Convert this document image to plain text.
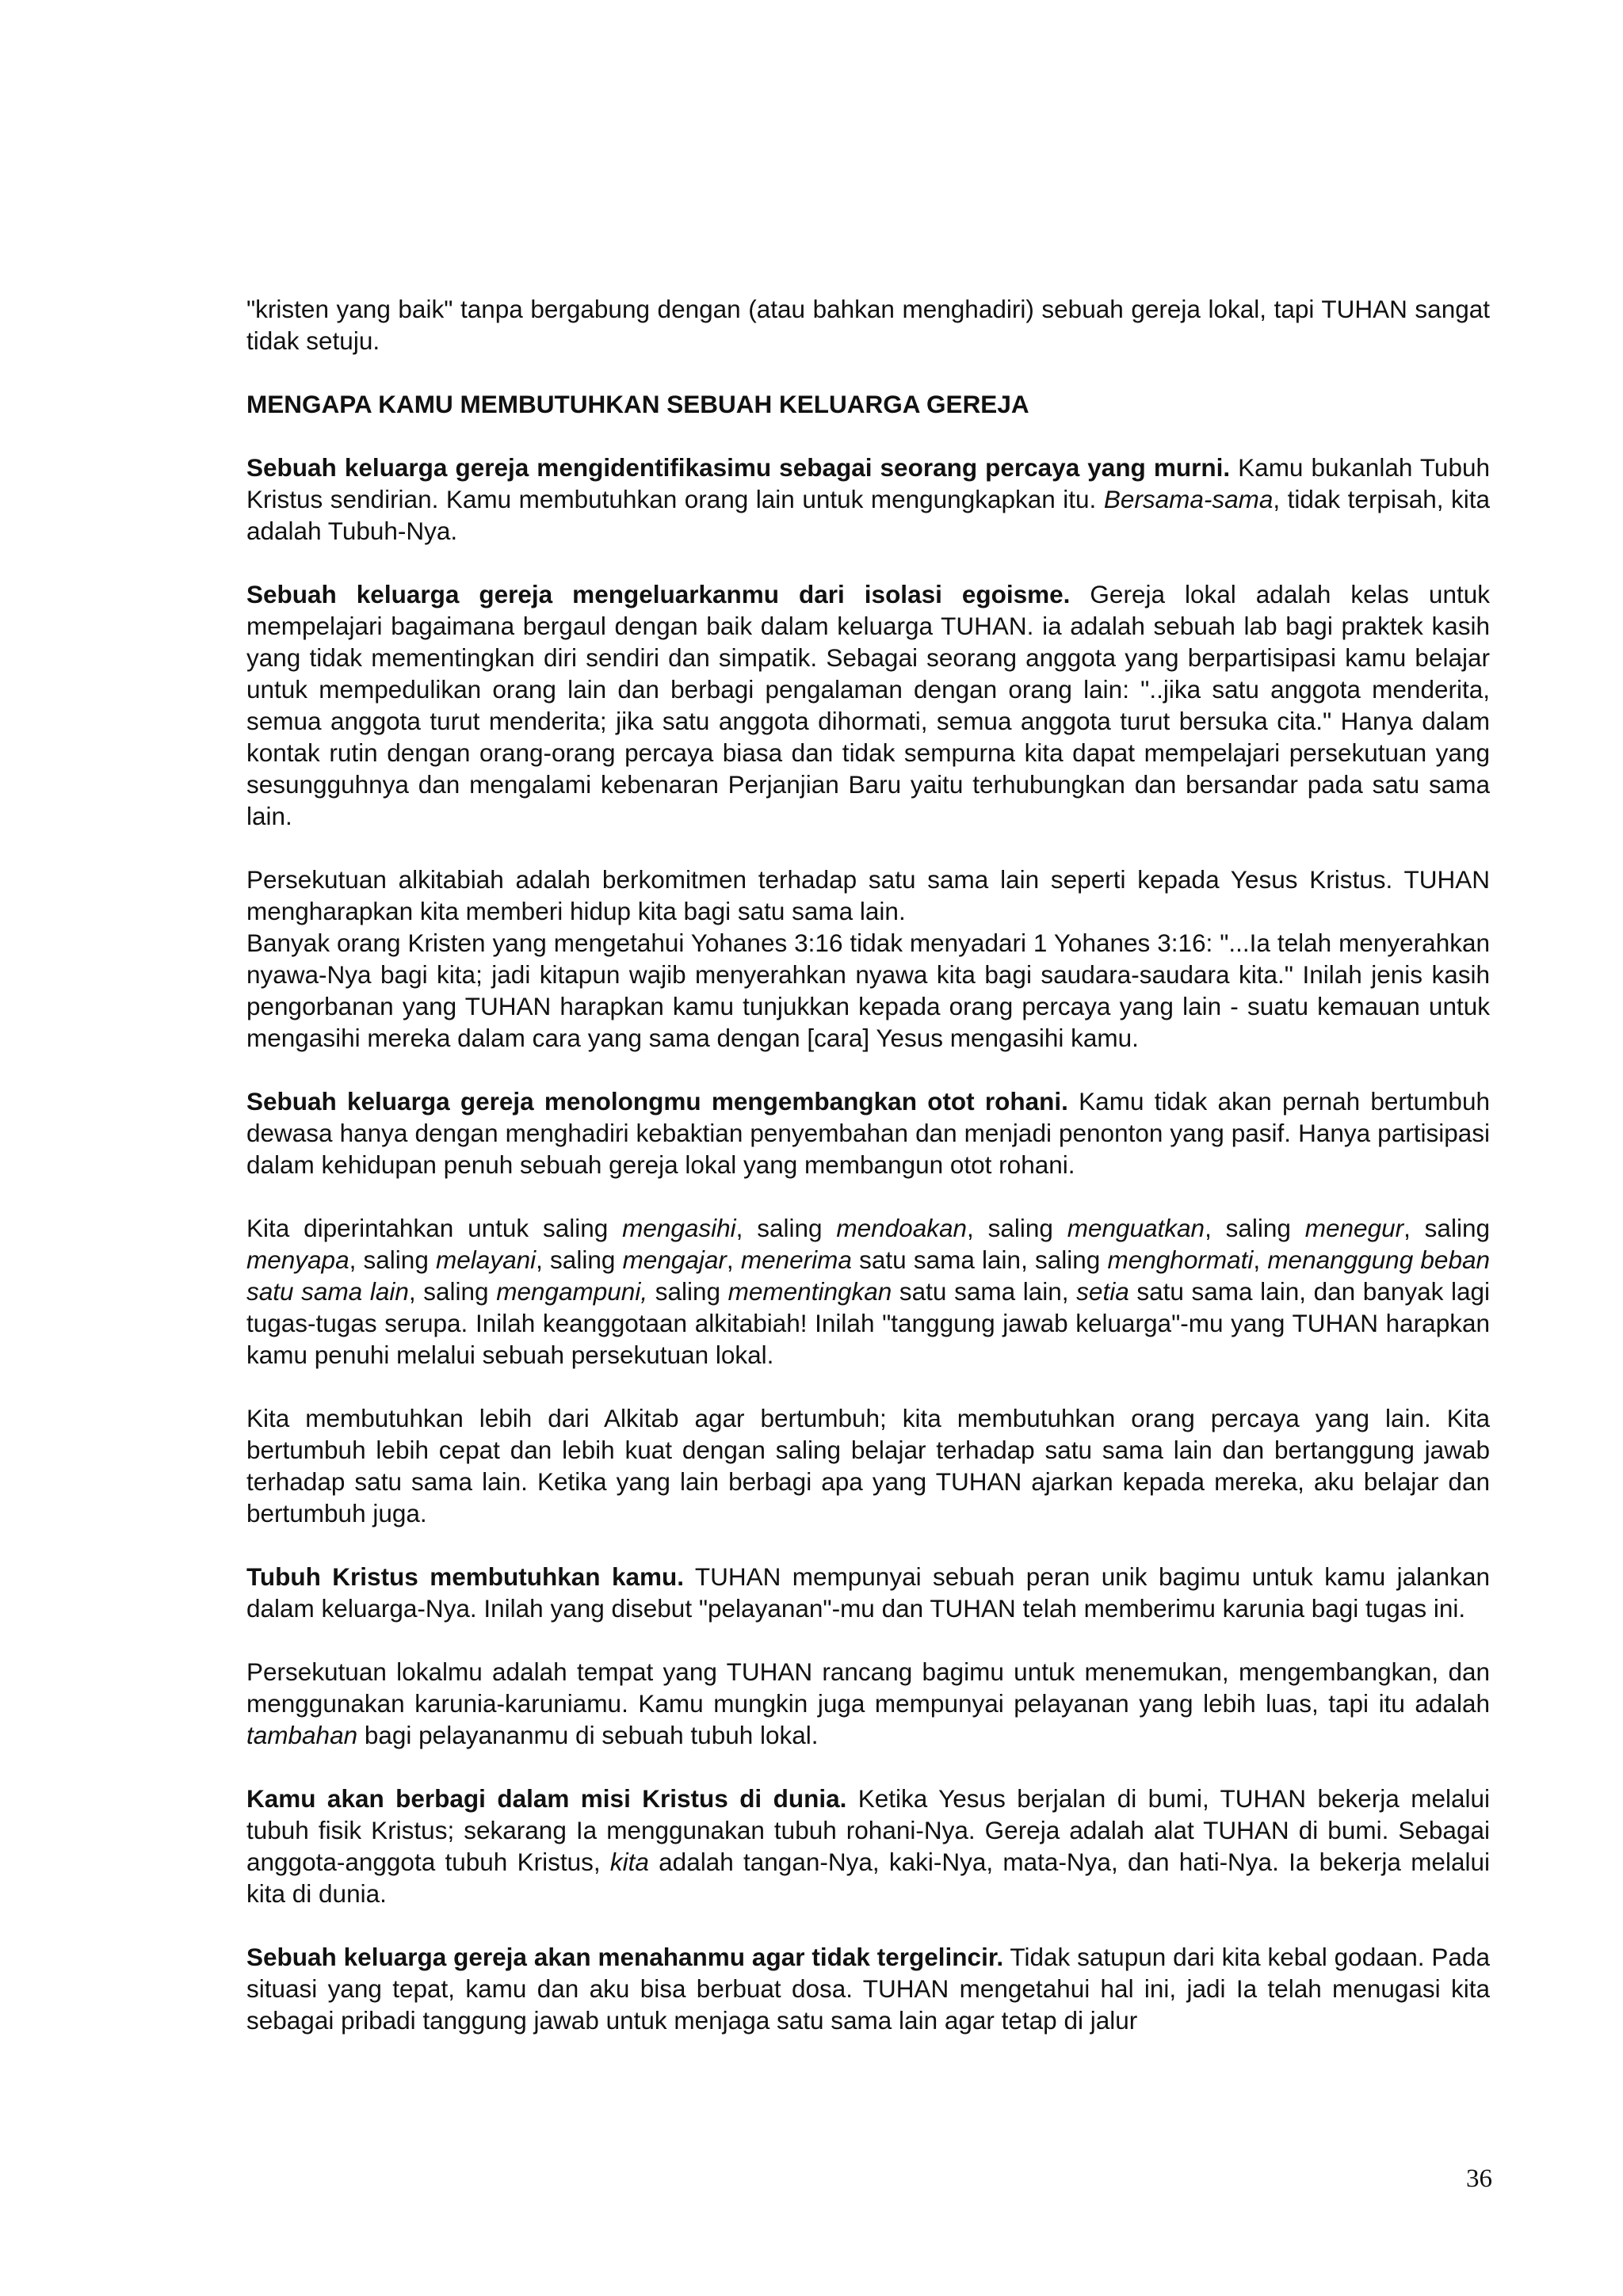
"kristen yang baik" tanpa bergabung dengan (atau bahkan menghadiri) sebuah gereja lokal, tapi TUHAN sangat tidak setuju.

MENGAPA KAMU MEMBUTUHKAN SEBUAH KELUARGA GEREJA

Sebuah keluarga gereja mengidentifikasimu sebagai seorang percaya yang murni. Kamu bukanlah Tubuh Kristus sendirian. Kamu membutuhkan orang lain untuk mengungkapkan itu. Bersama-sama, tidak terpisah, kita adalah Tubuh-Nya.

Sebuah keluarga gereja mengeluarkanmu dari isolasi egoisme. Gereja lokal adalah kelas untuk mempelajari bagaimana bergaul dengan baik dalam keluarga TUHAN. ia adalah sebuah lab bagi praktek kasih yang tidak mementingkan diri sendiri dan simpatik. Sebagai seorang anggota yang berpartisipasi kamu belajar untuk mempedulikan orang lain dan berbagi pengalaman dengan orang lain: "..jika satu anggota menderita, semua anggota turut menderita; jika satu anggota dihormati, semua anggota turut bersuka cita." Hanya dalam kontak rutin dengan orang-orang percaya biasa dan tidak sempurna kita dapat mempelajari persekutuan yang sesungguhnya dan mengalami kebenaran Perjanjian Baru yaitu terhubungkan dan bersandar pada satu sama lain.

Persekutuan alkitabiah adalah berkomitmen terhadap satu sama lain seperti kepada Yesus Kristus. TUHAN mengharapkan kita memberi hidup kita bagi satu sama lain.

Banyak orang Kristen yang mengetahui Yohanes 3:16 tidak menyadari 1 Yohanes 3:16: "...Ia telah menyerahkan nyawa-Nya bagi kita; jadi kitapun wajib menyerahkan nyawa kita bagi saudara-saudara kita." Inilah jenis kasih pengorbanan yang TUHAN harapkan kamu tunjukkan kepada orang percaya yang lain - suatu kemauan untuk mengasihi mereka dalam cara yang sama dengan [cara] Yesus mengasihi kamu.

Sebuah keluarga gereja menolongmu mengembangkan otot rohani. Kamu tidak akan pernah bertumbuh dewasa hanya dengan menghadiri kebaktian penyembahan dan menjadi penonton yang pasif. Hanya partisipasi dalam kehidupan penuh sebuah gereja lokal yang membangun otot rohani.

Kita diperintahkan untuk saling mengasihi, saling mendoakan, saling menguatkan, saling menegur, saling menyapa, saling melayani, saling mengajar, menerima satu sama lain, saling menghormati, menanggung beban satu sama lain, saling mengampuni, saling mementingkan satu sama lain, setia satu sama lain, dan banyak lagi tugas-tugas serupa. Inilah keanggotaan alkitabiah! Inilah "tanggung jawab keluarga"-mu yang TUHAN harapkan kamu penuhi melalui sebuah persekutuan lokal.

Kita membutuhkan lebih dari Alkitab agar bertumbuh; kita membutuhkan orang percaya yang lain. Kita bertumbuh lebih cepat dan lebih kuat dengan saling belajar terhadap satu sama lain dan bertanggung jawab terhadap satu sama lain. Ketika yang lain berbagi apa yang TUHAN ajarkan kepada mereka, aku belajar dan bertumbuh juga.

Tubuh Kristus membutuhkan kamu. TUHAN mempunyai sebuah peran unik bagimu untuk kamu jalankan dalam keluarga-Nya. Inilah yang disebut "pelayanan"-mu dan TUHAN telah memberimu karunia bagi tugas ini.

Persekutuan lokalmu adalah tempat yang TUHAN rancang bagimu untuk menemukan, mengembangkan, dan menggunakan karunia-karuniamu. Kamu mungkin juga mempunyai pelayanan yang lebih luas, tapi itu adalah tambahan bagi pelayananmu di sebuah tubuh lokal.

Kamu akan berbagi dalam misi Kristus di dunia. Ketika Yesus berjalan di bumi, TUHAN bekerja melalui tubuh fisik Kristus; sekarang Ia menggunakan tubuh rohani-Nya. Gereja adalah alat TUHAN di bumi. Sebagai anggota-anggota tubuh Kristus, kita adalah tangan-Nya, kaki-Nya, mata-Nya, dan hati-Nya. Ia bekerja melalui kita di dunia.

Sebuah keluarga gereja akan menahanmu agar tidak tergelincir. Tidak satupun dari kita kebal godaan. Pada situasi yang tepat, kamu dan aku bisa berbuat dosa. TUHAN mengetahui hal ini, jadi Ia telah menugasi kita sebagai pribadi tanggung jawab untuk menjaga satu sama lain agar tetap di jalur

36
